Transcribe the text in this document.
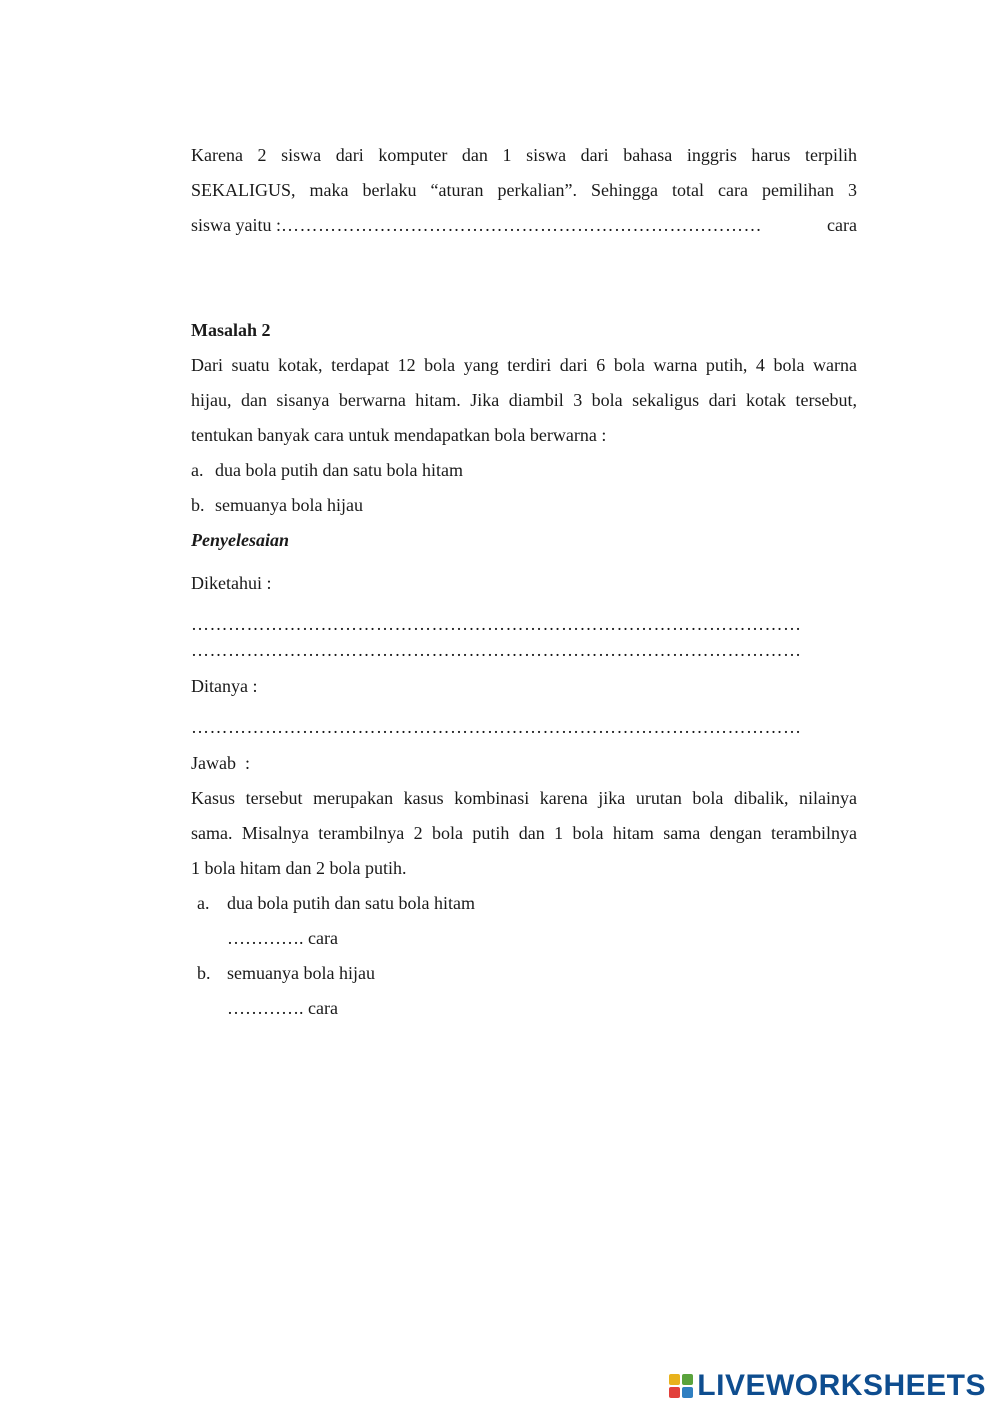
Karena 2 siswa dari komputer dan 1 siswa dari bahasa inggris harus terpilih
SEKALIGUS, maka berlaku “aturan perkalian”. Sehingga total cara pemilihan 3
siswa yaitu : ……………………………………………………………………	cara
Masalah 2
Dari suatu kotak, terdapat 12 bola yang terdiri dari 6 bola warna putih, 4 bola warna
hijau, dan sisanya berwarna hitam. Jika diambil 3 bola sekaligus dari kotak tersebut,
tentukan banyak cara untuk mendapatkan bola berwarna :
a. dua bola putih dan satu bola hitam
b. semuanya bola hijau
Penyelesaian
Diketahui :
………………………………………………………………………………………
………………………………………………………………………………………
Ditanya :
………………………………………………………………………………………
Jawab  :
Kasus tersebut merupakan kasus kombinasi karena jika urutan bola dibalik, nilainya
sama. Misalnya terambilnya 2 bola putih dan 1 bola hitam sama dengan terambilnya
1 bola hitam dan 2 bola putih.
a. dua bola putih dan satu bola hitam
…………. cara
b. semuanya bola hijau
…………. cara
LIVEWORKSHEETS
